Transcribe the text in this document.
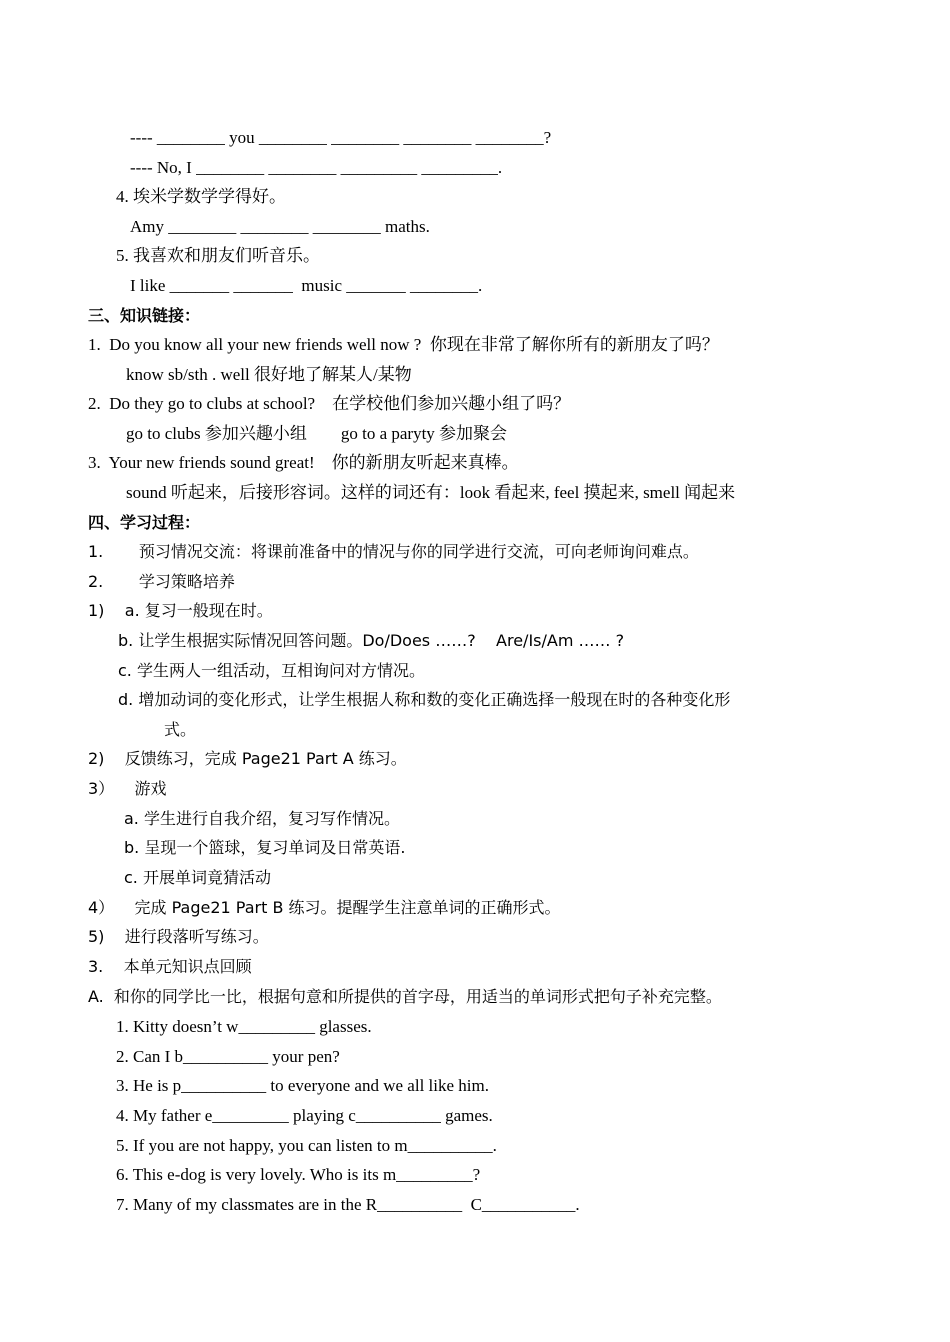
---- ________ you ________ ________ ________ ________?
---- No, I ________ ________ _________ _________.
4. 埃米学数学学得好。
Amy ________ ________ ________ maths.
5. 我喜欢和朋友们听音乐。
I like _______ _______  music _______ ________.
三、知识链接：
1.  Do you know all your new friends well now ?  你现在非常了解你所有的新朋友了吗？
know sb/sth . well 很好地了解某人/某物
2.  Do they go to clubs at school?    在学校他们参加兴趣小组了吗？
go to clubs 参加兴趣小组        go to a paryty 参加聚会
3.  Your new friends sound great!    你的新朋友听起来真棒。
sound 听起来，后接形容词。这样的词还有：look 看起来, feel 摸起来, smell 闻起来
四、学习过程：
1.       预习情况交流：将课前准备中的情况与你的同学进行交流，可向老师询问难点。
2.       学习策略培养
1)    a. 复习一般现在时。
b. 让学生根据实际情况回答问题。Do/Does ……?    Are/Is/Am …… ?
c. 学生两人一组活动，互相询问对方情况。
d. 增加动词的变化形式，让学生根据人称和数的变化正确选择一般现在时的各种变化形
式。
2)    反馈练习，完成 Page21 Part A 练习。
3）    游戏
a. 学生进行自我介绍，复习写作情况。
b. 呈现一个篮球，复习单词及日常英语.
c. 开展单词竟猜活动
4）    完成 Page21 Part B 练习。提醒学生注意单词的正确形式。
5)    进行段落听写练习。
3.    本单元知识点回顾
A.  和你的同学比一比，根据句意和所提供的首字母，用适当的单词形式把句子补充完整。
1. Kitty doesn’t w_________ glasses.
2. Can I b__________ your pen?
3. He is p__________ to everyone and we all like him.
4. My father e_________ playing c__________ games.
5. If you are not happy, you can listen to m__________.
6. This e-dog is very lovely. Who is its m_________?
7. Many of my classmates are in the R__________  C___________.
